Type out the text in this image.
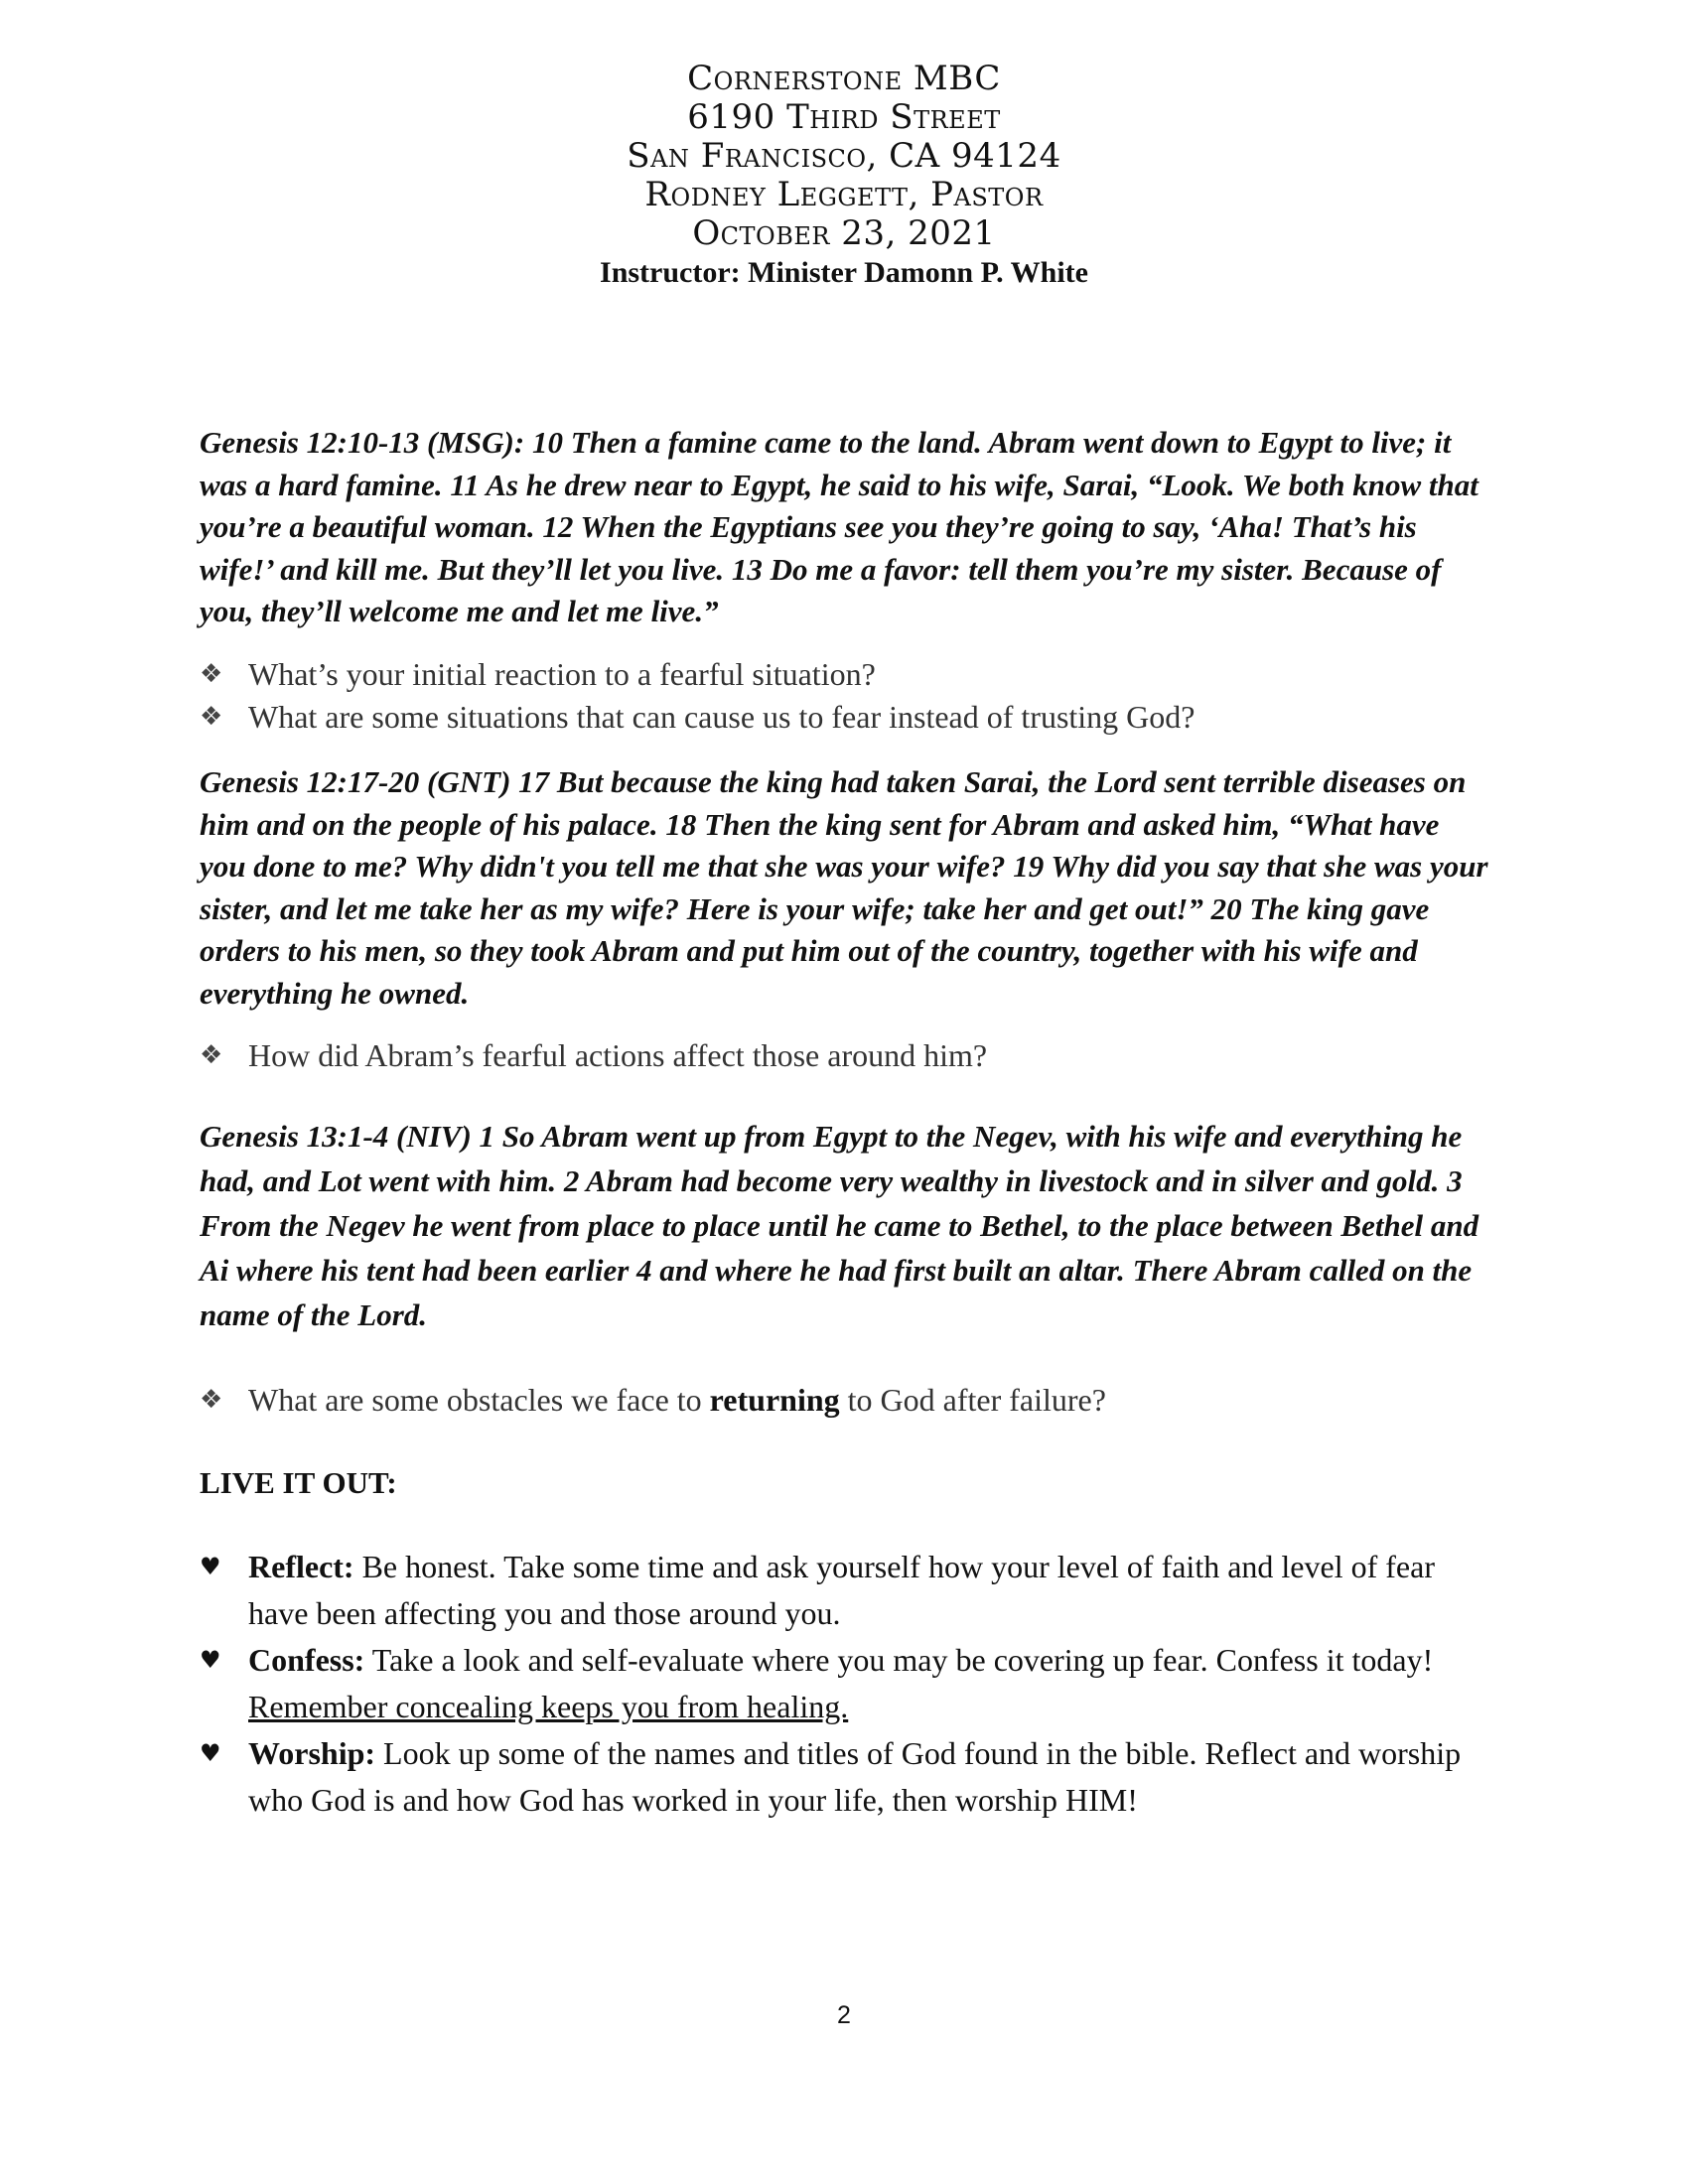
Cornerstone MBC
6190 Third Street
San Francisco, CA 94124
Rodney Leggett, Pastor
October 23, 2021
Instructor: Minister Damonn P. White

Genesis 12:10-13 (MSG): 10 Then a famine came to the land. Abram went down to Egypt to live; it was a hard famine. 11 As he drew near to Egypt, he said to his wife, Sarai, “Look. We both know that you’re a beautiful woman. 12 When the Egyptians see you they’re going to say, ‘Aha! That’s his wife!’ and kill me. But they’ll let you live. 13 Do me a favor: tell them you’re my sister. Because of you, they’ll welcome me and let me live.”

❖ What’s your initial reaction to a fearful situation?
❖ What are some situations that can cause us to fear instead of trusting God?

Genesis 12:17-20 (GNT) 17 But because the king had taken Sarai, the Lord sent terrible diseases on him and on the people of his palace. 18 Then the king sent for Abram and asked him, “What have you done to me? Why didn't you tell me that she was your wife? 19 Why did you say that she was your sister, and let me take her as my wife? Here is your wife; take her and get out!” 20 The king gave orders to his men, so they took Abram and put him out of the country, together with his wife and everything he owned.

❖ How did Abram’s fearful actions affect those around him?

Genesis 13:1-4 (NIV) 1 So Abram went up from Egypt to the Negev, with his wife and everything he had, and Lot went with him. 2 Abram had become very wealthy in livestock and in silver and gold. 3 From the Negev he went from place to place until he came to Bethel, to the place between Bethel and Ai where his tent had been earlier 4 and where he had first built an altar. There Abram called on the name of the Lord.

❖ What are some obstacles we face to returning to God after failure?

LIVE IT OUT:

♥ Reflect: Be honest. Take some time and ask yourself how your level of faith and level of fear have been affecting you and those around you.
♥ Confess: Take a look and self-evaluate where you may be covering up fear. Confess it today! Remember concealing keeps you from healing.
♥ Worship: Look up some of the names and titles of God found in the bible. Reflect and worship who God is and how God has worked in your life, then worship HIM!
2
